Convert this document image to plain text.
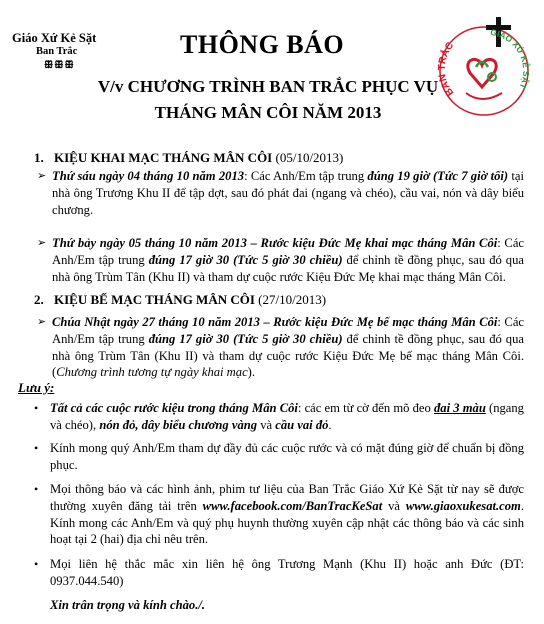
Giáo Xứ Kẻ Sặt
Ban Trắc
ꕥꕥꕥ
THÔNG BÁO
V/v CHƯƠNG TRÌNH BAN TRẮC PHỤC VỤ
THÁNG MÂN CÔI NĂM 2013
BAN TRẮC
GIÁO XỨ KẺ SẶT
1. KIỆU KHAI MẠC THÁNG MÂN CÔI (05/10/2013)
➢ Thứ sáu ngày 04 tháng 10 năm 2013: Các Anh/Em tập trung đúng 19 giờ (Tức 7 giờ tối) tại nhà ông Trương Khu II để tập dợt, sau đó phát đai (ngang và chéo), cầu vai, nón và dây biểu chương.
➢ Thứ bảy ngày 05 tháng 10 năm 2013 – Rước kiệu Đức Mẹ khai mạc tháng Mân Côi: Các Anh/Em tập trung đúng 17 giờ 30 (Tức 5 giờ 30 chiều) để chỉnh tề đồng phục, sau đó qua nhà ông Trùm Tân (Khu II) và tham dự cuộc rước Kiệu Đức Mẹ khai mạc tháng Mân Côi.
2. KIỆU BẾ MẠC THÁNG MÂN CÔI (27/10/2013)
➢ Chúa Nhật ngày 27 tháng 10 năm 2013 – Rước kiệu Đức Mẹ bế mạc tháng Mân Côi: Các Anh/Em tập trung đúng 17 giờ 30 (Tức 5 giờ 30 chiều) để chỉnh tề đồng phục, sau đó qua nhà ông Trùm Tân (Khu II) và tham dự cuộc rước Kiệu Đức Mẹ bế mạc tháng Mân Côi. (Chương trình tương tự ngày khai mạc).
Lưu ý:
• Tất cả các cuộc rước kiệu trong tháng Mân Côi: các em từ cờ đến mõ đeo đai 3 màu (ngang và chéo), nón đỏ, dây biểu chương vàng và cầu vai đỏ.
• Kính mong quý Anh/Em tham dự đầy đủ các cuộc rước và có mặt đúng giờ để chuẩn bị đồng phục.
• Mọi thông báo và các hình ảnh, phim tư liệu của Ban Trắc Giáo Xứ Kẻ Sặt từ nay sẽ được thường xuyên đăng tải trên www.facebook.com/BanTracKeSat và www.giaoxukesat.com. Kính mong các Anh/Em và quý phụ huynh thường xuyên cập nhật các thông báo và các sinh hoạt tại 2 (hai) địa chỉ nêu trên.
• Mọi liên hệ thắc mắc xin liên hệ ông Trương Mạnh (Khu II) hoặc anh Đức (ĐT: 0937.044.540)
Xin trân trọng và kính chào./.
